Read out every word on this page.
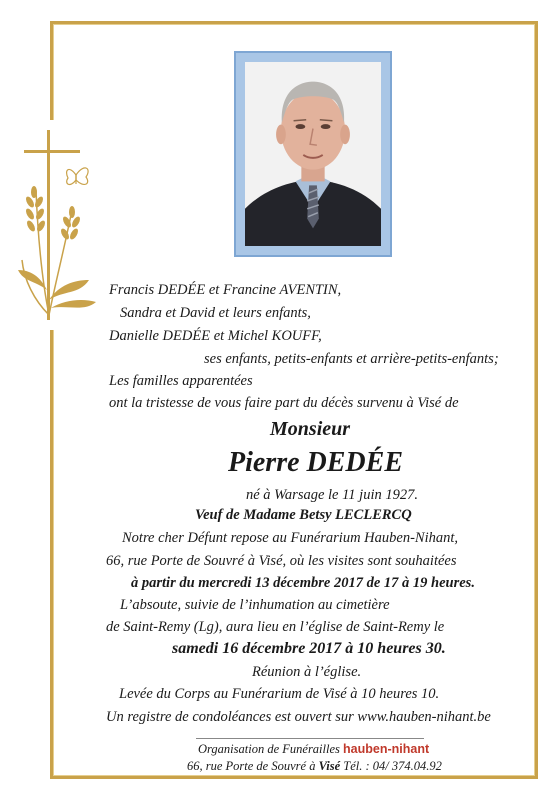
Francis DEDÉE et Francine AVENTIN,
Sandra et David et leurs enfants,
Danielle DEDÉE et Michel KOUFF,
ses enfants, petits-enfants et arrière-petits-enfants;
Les familles apparentées
ont la tristesse de vous faire part du décès survenu à Visé de
Monsieur
Pierre DEDÉE
né à Warsage le 11 juin 1927.
Veuf de Madame Betsy LECLERCQ
Notre cher Défunt repose au Funérarium Hauben-Nihant,
66, rue Porte de Souvré à Visé, où les visites sont souhaitées
à partir du mercredi 13 décembre 2017 de 17 à 19 heures.
L’absoute, suivie de l’inhumation au cimetière
de Saint-Remy (Lg), aura lieu en l’église de Saint-Remy le
samedi 16 décembre 2017 à 10 heures 30.
Réunion à l’église.
Levée du Corps au Funérarium de Visé à 10 heures 10.
Un registre de condoléances est ouvert sur www.hauben-nihant.be
Organisation de Funérailles hauben-nihant
66, rue Porte de Souvré à Visé Tél. : 04/ 374.04.92
